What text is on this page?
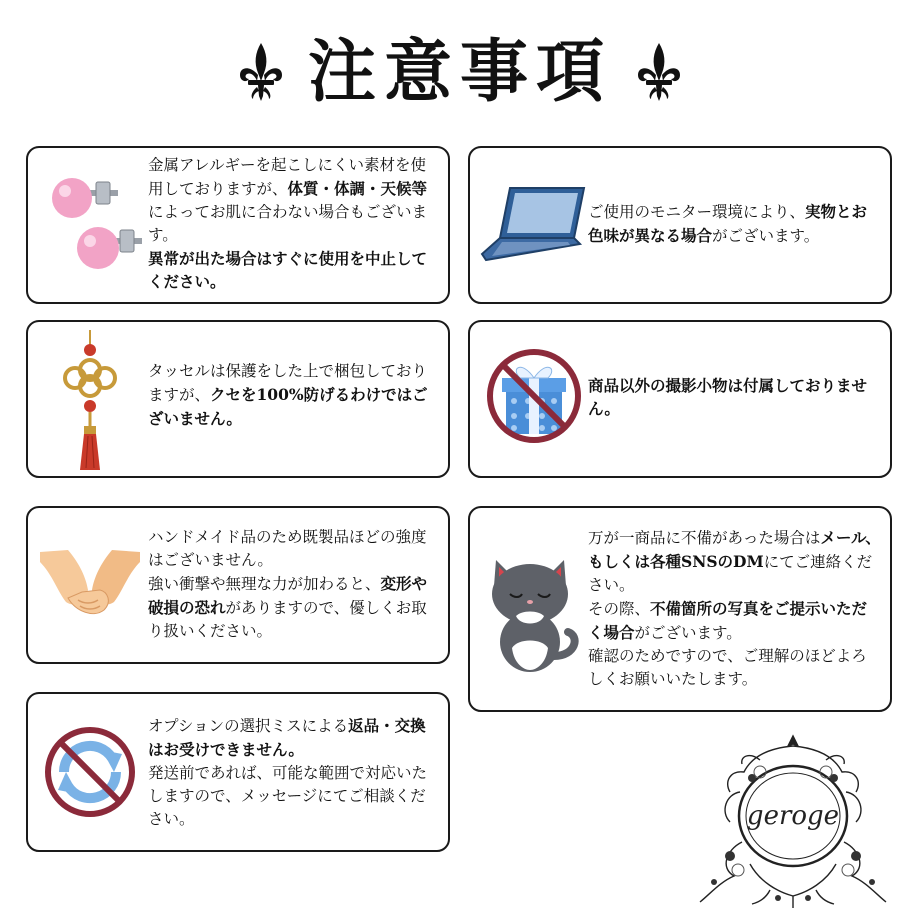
注意事項

金属アレルギーを起こしにくい素材を使用しておりますが、体質・体調・天候等によってお肌に合わない場合もございます。

異常が出た場合はすぐに使用を中止してください。

ご使用のモニター環境により、実物とお色味が異なる場合がございます。

タッセルは保護をした上で梱包しておりますが、クセを100%防げるわけではございません。

商品以外の撮影小物は付属しておりません。

ハンドメイド品のため既製品ほどの強度はございません。

強い衝撃や無理な力が加わると、変形や破損の恐れがありますので、優しくお取り扱いください。

万が一商品に不備があった場合はメール、もしくは各種SNSのDMにてご連絡ください。

その際、不備箇所の写真をご提示いただく場合がございます。

確認のためですので、ご理解のほどよろしくお願いいたします。

オプションの選択ミスによる返品・交換はお受けできません。

発送前であれば、可能な範囲で対応いたしますので、メッセージにてご相談ください。	geroge
